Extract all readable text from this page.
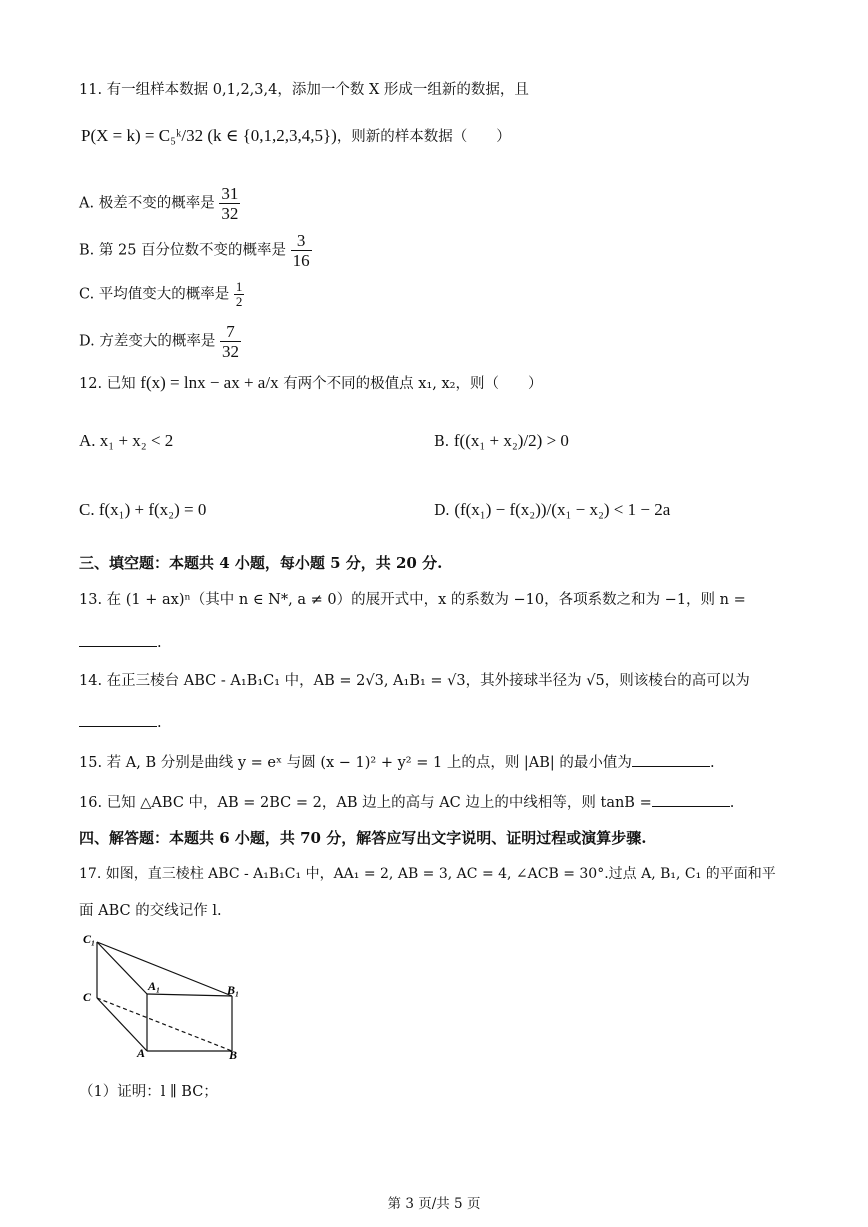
11. 有一组样本数据 0,1,2,3,4，添加一个数 X 形成一组新的数据，且
P(X = k) = C₅ᵏ/32 (k ∈ {0,1,2,3,4,5})，则新的样本数据（　　）
A. 极差不变的概率是 $\frac{31}{32}$
B. 第 25 百分位数不变的概率是 $\frac{3}{16}$
C. 平均值变大的概率是 $\frac{1}{2}$
D. 方差变大的概率是 $\frac{7}{32}$
12. 已知 f(x) = lnx − ax + a/x 有两个不同的极值点 x₁, x₂，则（　　）
A. x₁ + x₂ < 2	B. f((x₁ + x₂)/2) > 0
C. f(x₁) + f(x₂) = 0	D. (f(x₁) − f(x₂))/(x₁ − x₂) < 1 − 2a
三、填空题：本题共 4 小题，每小题 5 分，共 20 分.
13. 在 (1 + ax)ⁿ（其中 n ∈ N*, a ≠ 0）的展开式中，x 的系数为 −10，各项系数之和为 −1，则 n =
.
14. 在正三棱台 ABC - A₁B₁C₁ 中，AB = 2√3, A₁B₁ = √3，其外接球半径为 √5，则该棱台的高可以为
.
15. 若 A, B 分别是曲线 y = eˣ 与圆 (x − 1)² + y² = 1 上的点，则 |AB| 的最小值为	.
16. 已知 △ABC 中，AB = 2BC = 2，AB 边上的高与 AC 边上的中线相等，则 tanB =	.
四、解答题：本题共 6 小题，共 70 分，解答应写出文字说明、证明过程或演算步骤.
17. 如图，直三棱柱 ABC - A₁B₁C₁ 中，AA₁ = 2, AB = 3, AC = 4, ∠ACB = 30°.过点 A, B₁, C₁ 的平面和平
面 ABC 的交线记作 l.
C₁
C
A₁	B₁
A	B
（1）证明：l ∥ BC；
第 3 页/共 5 页
